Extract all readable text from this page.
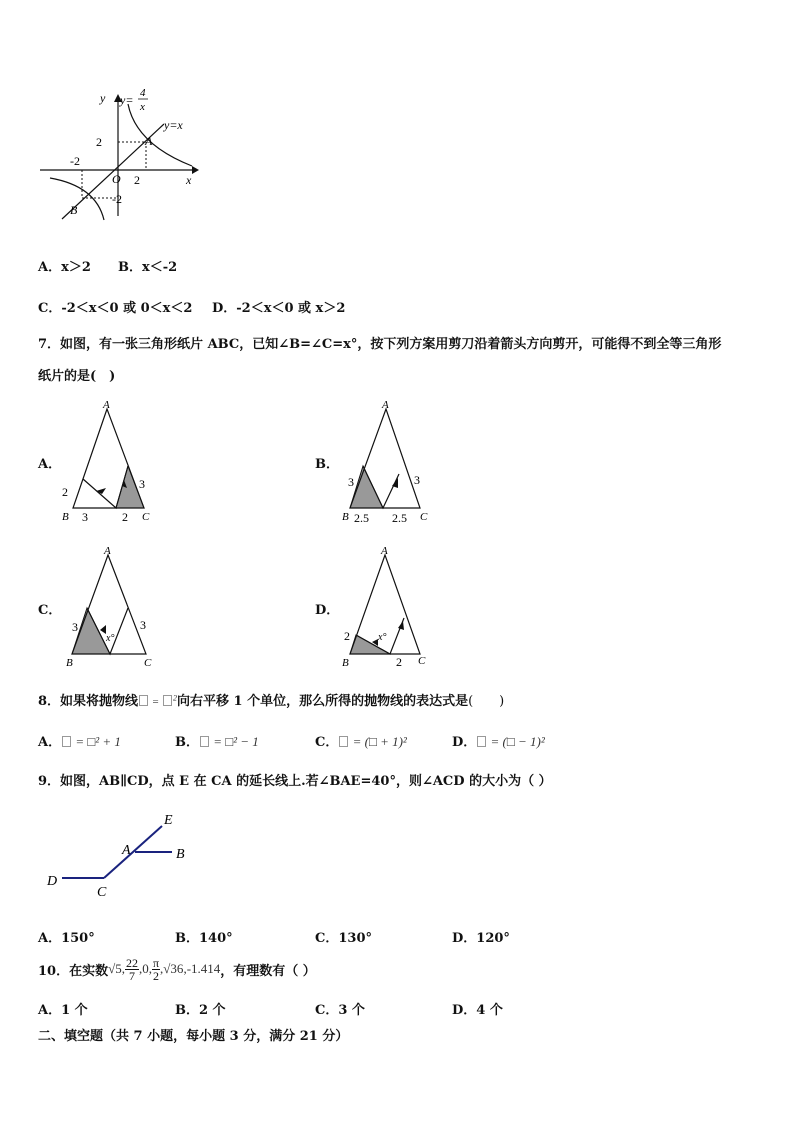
y y= 4
x
y=x
A
2
-2
O 2	x
-2
B
A．x＞2 B．x＜-2
C．-2＜x＜0 或 0＜x＜2 D．-2＜x＜0 或 x＞2
7．如图，有一张三角形纸片 ABC，已知∠B=∠C=x°，按下列方案用剪刀沿着箭头方向剪开，可能得不到全等三角形
纸片的是(　)
A．	B．
C．	D．
A
2
3
B 3	2 C
A
3	3
B 2.5 2.5 C
A
3
x°
3
B	C
A
2	x°
B	2 C
8．如果将抛物线 = $^2$向右平移 1 个单位，那么所得的抛物线的表达式是(　　)
A． = □² + 1	B． = □² − 1	C． = (□ + 1)²	D． = (□ − 1)²
9．如图，AB∥CD，点 E 在 CA 的延长线上.若∠BAE=40°，则∠ACD 的大小为（ ）
E
A	B
D
C
A．150°	B．140°	C．130°	D．120°
10．在实数 √5 , $\frac{22}{7}$ , 0 , $\frac{\pi}{2}$ , √36 , -1.414 ，有理数有（ ）
A．1 个	B．2 个	C．3 个	D．4 个
二、填空题（共 7 小题，每小题 3 分，满分 21 分）
